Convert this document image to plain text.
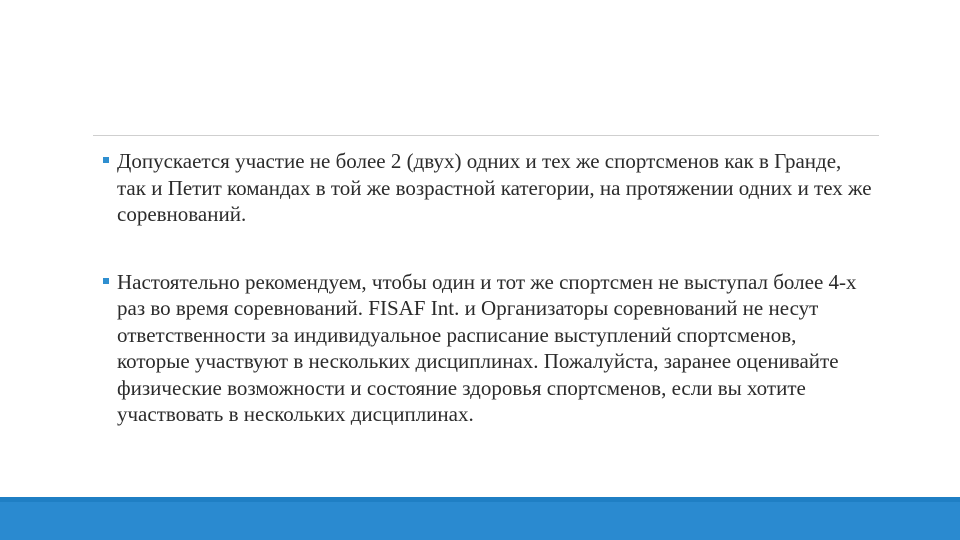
Допускается участие не более 2 (двух) одних и тех же спортсменов как в Гранде, так и Петит командах в той же возрастной категории, на протяжении одних и тех же соревнований.

Настоятельно рекомендуем, чтобы один и тот же спортсмен не выступал более 4-х раз во время соревнований. FISAF Int. и Организаторы соревнований не несут ответственности за индивидуальное расписание выступлений спортсменов, которые участвуют в нескольких дисциплинах. Пожалуйста, заранее оценивайте физические возможности и состояние здоровья спортсменов, если вы хотите участвовать в нескольких дисциплинах.
